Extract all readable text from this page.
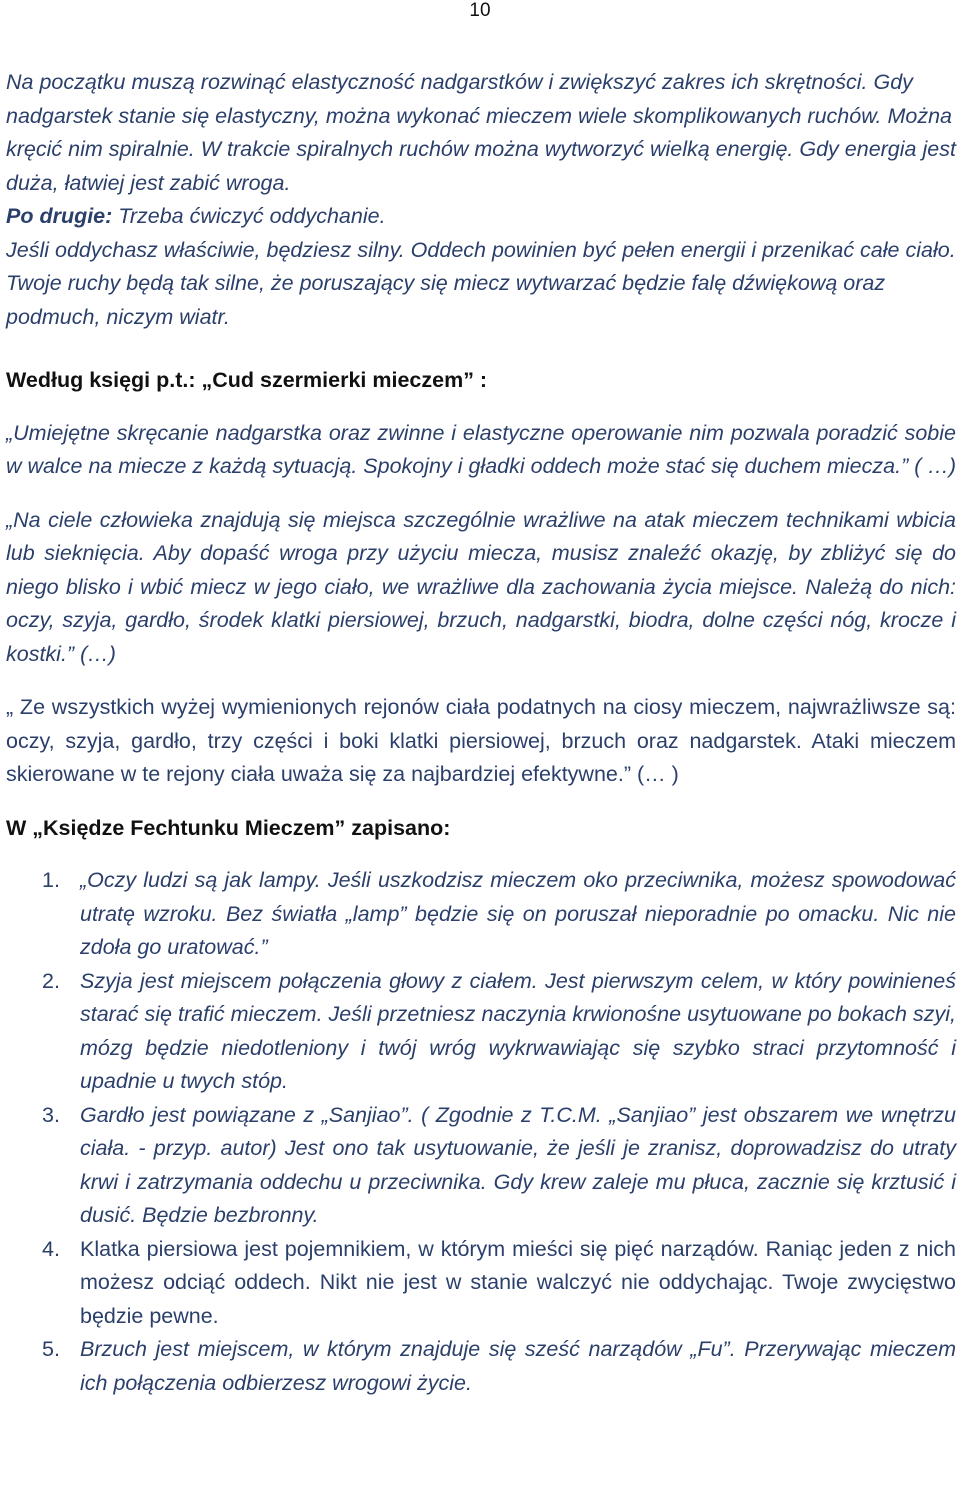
10

Na początku muszą rozwinąć elastyczność nadgarstków i zwiększyć zakres ich skrętności. Gdy nadgarstek stanie się elastyczny, można wykonać mieczem wiele skomplikowanych ruchów. Można kręcić nim spiralnie. W trakcie spiralnych ruchów można wytworzyć wielką energię. Gdy energia jest duża, łatwiej jest zabić wroga.
Po drugie: Trzeba ćwiczyć oddychanie.
Jeśli oddychasz właściwie, będziesz silny. Oddech powinien być pełen energii i przenikać całe ciało. Twoje ruchy będą tak silne, że poruszający się miecz wytwarzać będzie falę dźwiękową oraz podmuch, niczym wiatr.

Według księgi p.t.: „Cud szermierki mieczem” :

„Umiejętne skręcanie nadgarstka oraz zwinne i elastyczne operowanie nim pozwala poradzić sobie w walce na miecze z każdą sytuacją. Spokojny i gładki oddech może stać się duchem miecza.” ( …)

„Na ciele człowieka znajdują się miejsca szczególnie wrażliwe na atak mieczem technikami wbicia lub sieknięcia. Aby dopaść wroga przy użyciu miecza, musisz znaleźć okazję, by zbliżyć się do niego blisko i wbić miecz w jego ciało, we wrażliwe dla zachowania życia miejsce. Należą do nich: oczy, szyja, gardło, środek klatki piersiowej, brzuch, nadgarstki, biodra, dolne części nóg, krocze i kostki.” (…)

„ Ze wszystkich wyżej wymienionych rejonów ciała podatnych na ciosy mieczem, najwrażliwsze są: oczy, szyja, gardło, trzy części i boki klatki piersiowej, brzuch oraz nadgarstek. Ataki mieczem skierowane w te rejony ciała uważa się za najbardziej efektywne.” (… )

W „Księdze Fechtunku Mieczem” zapisano:

1. „Oczy ludzi są jak lampy. Jeśli uszkodzisz mieczem oko przeciwnika, możesz spowodować utratę wzroku. Bez światła „lamp” będzie się on poruszał nieporadnie po omacku. Nic nie zdoła go uratować.”
2. Szyja jest miejscem połączenia głowy z ciałem. Jest pierwszym celem, w który powinieneś starać się trafić mieczem. Jeśli przetniesz naczynia krwionośne usytuowane po bokach szyi, mózg będzie niedotleniony i twój wróg wykrwawiając się szybko straci przytomność i upadnie u twych stóp.
3. Gardło jest powiązane z „Sanjiao”. ( Zgodnie z T.C.M. „Sanjiao” jest obszarem we wnętrzu ciała. - przyp. autor) Jest ono tak usytuowanie, że jeśli je zranisz, doprowadzisz do utraty krwi i zatrzymania oddechu u przeciwnika. Gdy krew zaleje mu płuca, zacznie się krztusić i dusić. Będzie bezbronny.
4. Klatka piersiowa jest pojemnikiem, w którym mieści się pięć narządów. Raniąc jeden z nich możesz odciąć oddech. Nikt nie jest w stanie walczyć nie oddychając. Twoje zwycięstwo będzie pewne.
5. Brzuch jest miejscem, w którym znajduje się sześć narządów „Fu”. Przerywając mieczem ich połączenia odbierzesz wrogowi życie.
